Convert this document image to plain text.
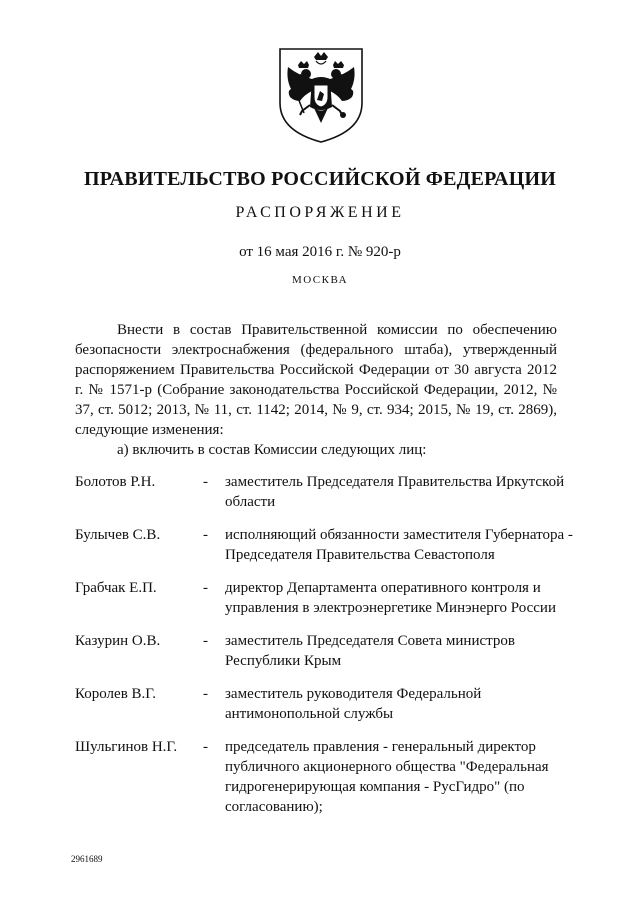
ПРАВИТЕЛЬСТВО РОССИЙСКОЙ ФЕДЕРАЦИИ
РАСПОРЯЖЕНИЕ
от 16 мая 2016 г. № 920-р
МОСКВА

Внести в состав Правительственной комиссии по обеспечению безопасности электроснабжения (федерального штаба), утвержденный распоряжением Правительства Российской Федерации от 30 августа 2012 г. № 1571-р (Собрание законодательства Российской Федерации, 2012, № 37, ст. 5012; 2013, № 11, ст. 1142; 2014, № 9, ст. 934; 2015, № 19, ст. 2869), следующие изменения:

а) включить в состав Комиссии следующих лиц:
Болотов Р.Н.	-	заместитель Председателя Правительства Иркутской области
Булычев С.В.	-	исполняющий обязанности заместителя Губернатора - Председателя Правительства Севастополя
Грабчак Е.П.	-	директор Департамента оперативного контроля и управления в электроэнергетике Минэнерго России
Казурин О.В.	-	заместитель Председателя Совета министров Республики Крым
Королев В.Г.	-	заместитель руководителя Федеральной антимонопольной службы
Шульгинов Н.Г.	-	председатель правления - генеральный директор публичного акционерного общества "Федеральная гидрогенерирующая компания - РусГидро" (по согласованию);
2961689
